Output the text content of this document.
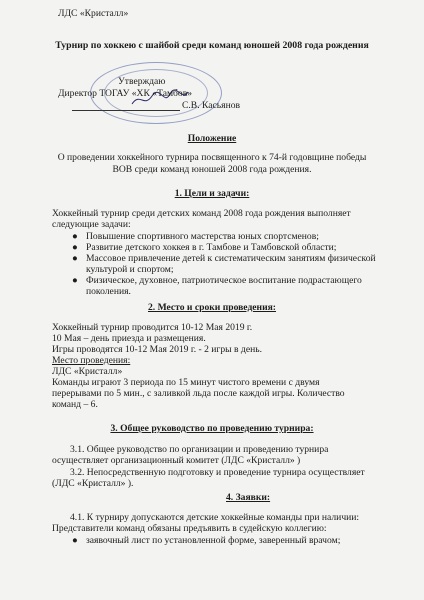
ЛДС «Кристалл»
Турнир по хоккею с шайбой среди команд юношей 2008 года рождения
Утверждаю
Директор ТОГАУ «ХК «Тамбов»
С.В. Касьянов
Положение
О проведении хоккейного турнира посвященного к 74-й годовщине победы
ВОВ среди команд юношей 2008 года рождения.
1. Цели и задачи:
Хоккейный турнир среди детских команд 2008 года рождения выполняет
следующие задачи:
● Повышение спортивного мастерства юных спортсменов;
● Развитие детского хоккея в г. Тамбове и Тамбовской области;
● Массовое привлечение детей к систематическим занятиям физической
культурой и спортом;
● Физическое, духовное, патриотическое воспитание подрастающего
поколения.
2. Место и сроки проведения:
Хоккейный турнир проводится 10-12 Мая 2019 г.
10 Мая – день приезда и размещения.
Игры проводятся 10-12 Мая 2019 г. - 2 игры в день.
Место проведения:
ЛДС «Кристалл»
Команды играют 3 периода по 15 минут чистого времени с двумя
перерывами по 5 мин., с заливкой льда после каждой игры. Количество
команд – 6.
3. Общее руководство по проведению турнира:
3.1. Общее руководство по организации и проведению турнира
осуществляет организационный комитет (ЛДС «Кристалл» )
3.2. Непосредственную подготовку и проведение турнира осуществляет
(ЛДС «Кристалл» ).
4. Заявки:
4.1. К турниру допускаются детские хоккейные команды при наличии:
Представители команд обязаны предъявить в судейскую коллегию:
● заявочный лист по установленной форме, заверенный врачом;
